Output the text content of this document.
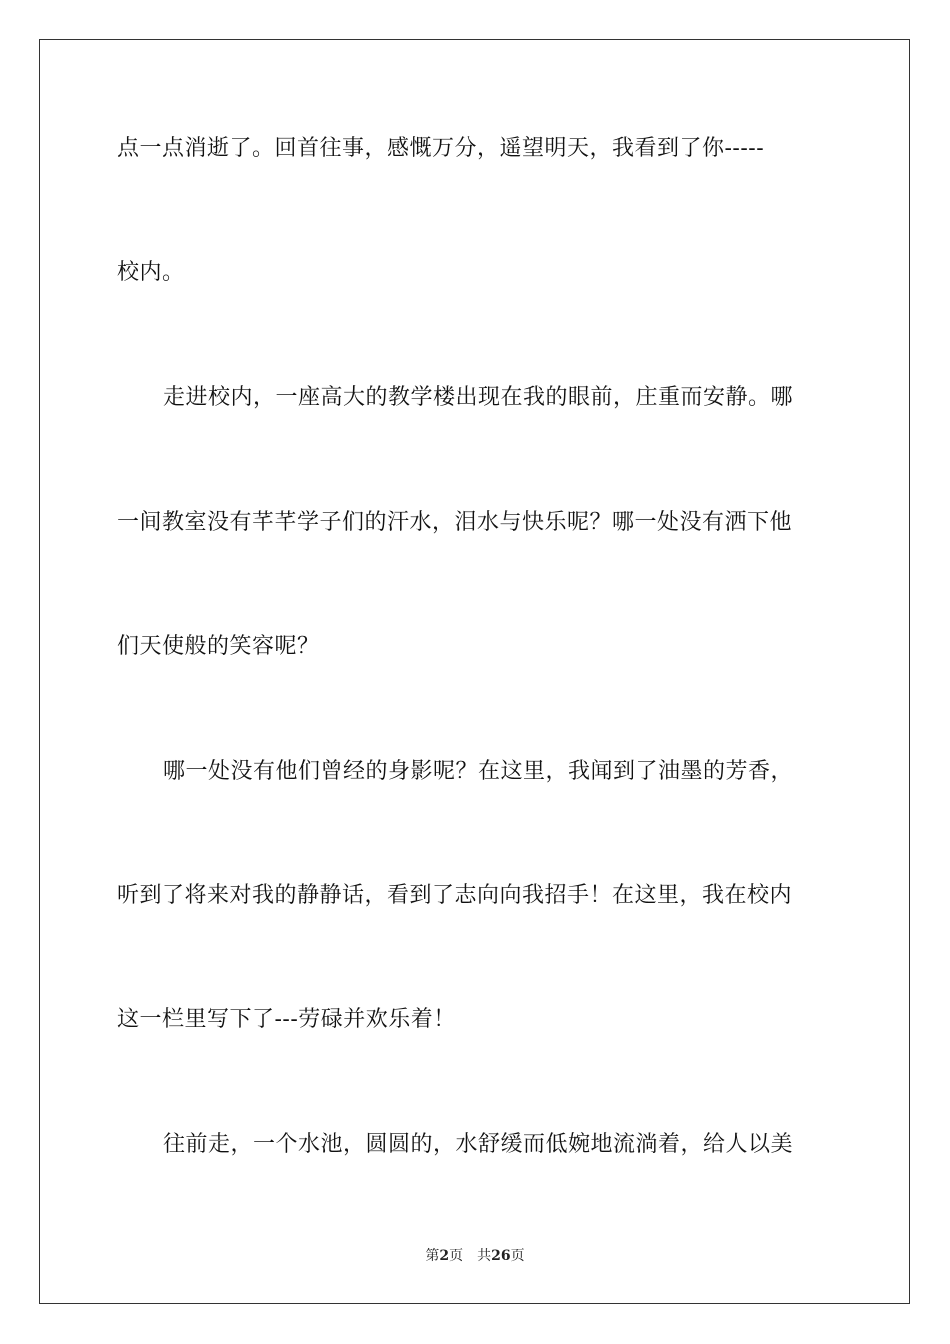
点一点消逝了。回首往事，感慨万分，遥望明天，我看到了你-----
校内。
走进校内，一座高大的教学楼出现在我的眼前，庄重而安静。哪
一间教室没有芊芊学子们的汗水，泪水与快乐呢？哪一处没有洒下他
们天使般的笑容呢？
哪一处没有他们曾经的身影呢？在这里，我闻到了油墨的芳香，
听到了将来对我的静静话，看到了志向向我招手！在这里，我在校内
这一栏里写下了---劳碌并欢乐着！
往前走，一个水池，圆圆的，水舒缓而低婉地流淌着，给人以美
第2页 共26页
